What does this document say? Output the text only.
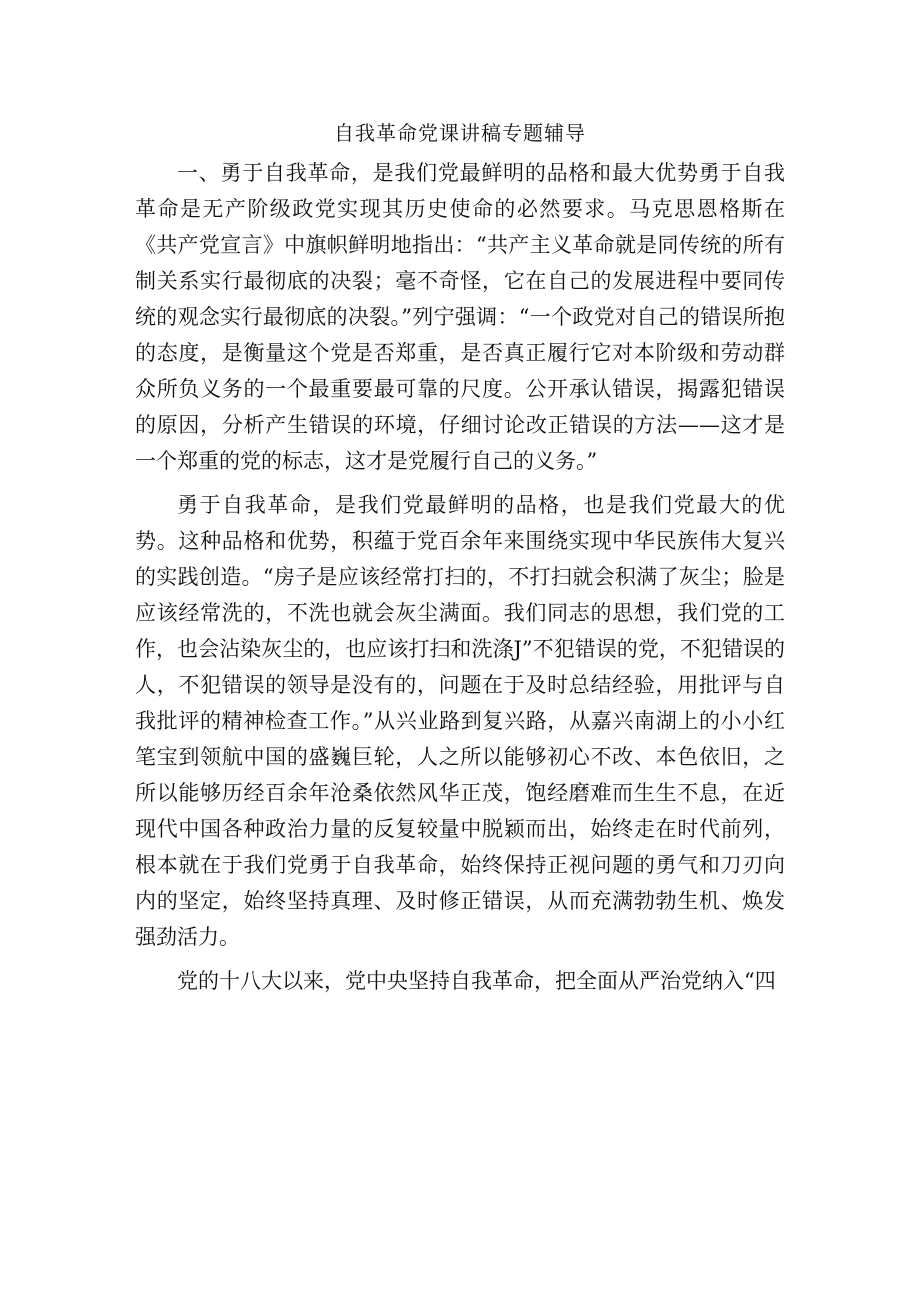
自我革命党课讲稿专题辅导

一、勇于自我革命，是我们党最鲜明的品格和最大优势勇于自我革命是无产阶级政党实现其历史使命的必然要求。马克思恩格斯在《共产党宣言》中旗帜鲜明地指出：“共产主义革命就是同传统的所有制关系实行最彻底的决裂；毫不奇怪，它在自己的发展进程中要同传统的观念实行最彻底的决裂。”列宁强调：“一个政党对自己的错误所抱的态度，是衡量这个党是否郑重，是否真正履行它对本阶级和劳动群众所负义务的一个最重要最可靠的尺度。公开承认错误，揭露犯错误的原因，分析产生错误的环境，仔细讨论改正错误的方法——这才是一个郑重的党的标志，这才是党履行自己的义务。”

勇于自我革命，是我们党最鲜明的品格，也是我们党最大的优势。这种品格和优势，积蕴于党百余年来围绕实现中华民族伟大复兴的实践创造。“房子是应该经常打扫的，不打扫就会积满了灰尘；脸是应该经常洗的，不洗也就会灰尘满面。我们同志的思想，我们党的工作，也会沾染灰尘的，也应该打扫和洗涤J”不犯错误的党，不犯错误的人，不犯错误的领导是没有的，问题在于及时总结经验，用批评与自我批评的精神检查工作。”从兴业路到复兴路，从嘉兴南湖上的小小红笔宝到领航中国的盛巍巨轮，人之所以能够初心不改、本色依旧，之所以能够历经百余年沧桑依然风华正茂，饱经磨难而生生不息，在近现代中国各种政治力量的反复较量中脱颖而出，始终走在时代前列，根本就在于我们党勇于自我革命，始终保持正视问题的勇气和刀刃向内的坚定，始终坚持真理、及时修正错误，从而充满勃勃生机、焕发强劲活力。

党的十八大以来，党中央坚持自我革命，把全面从严治党纳入“四
